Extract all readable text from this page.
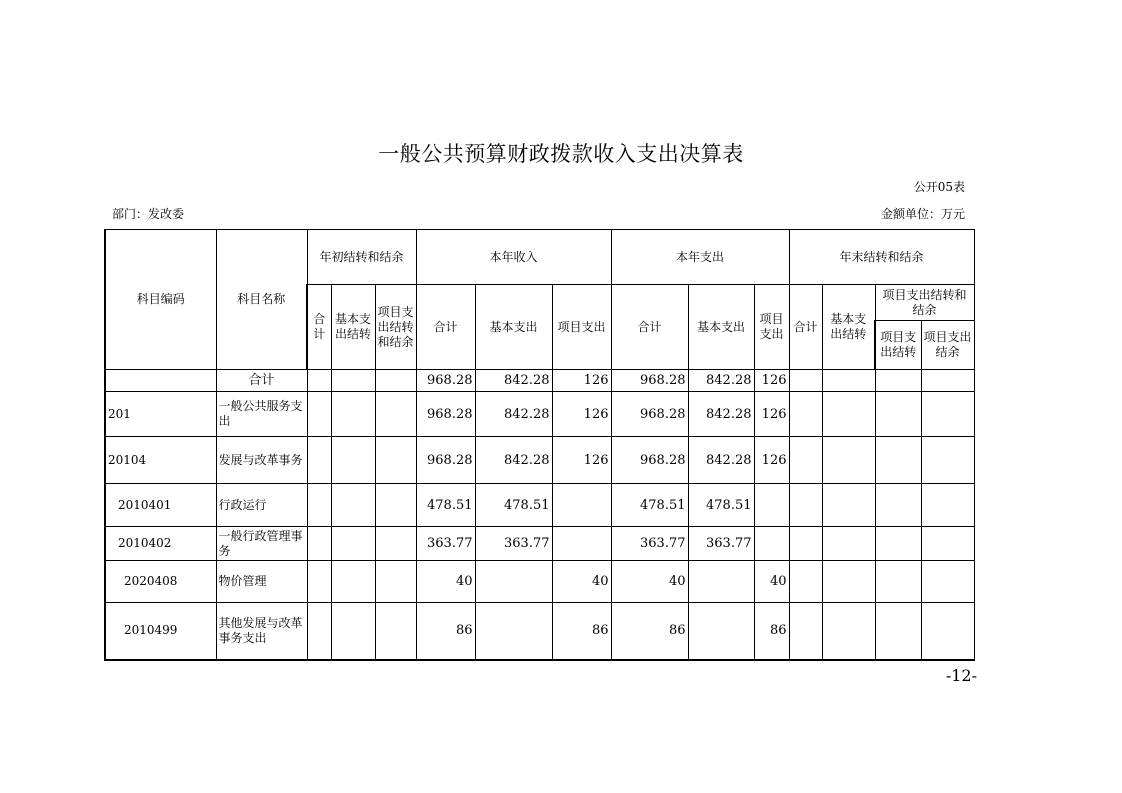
一般公共预算财政拨款收入支出决算表
公开05表
部门：发改委	金额单位：万元
科目编码	科目名称	年初结转和结余			本年收入			本年支出			年末结转和结余			
		合计	基本支出结转	项目支出结转和结余	合计	基本支出	项目支出	合计	基本支出	项目支出	合计	基本支出结转	项目支出结转和结余	
													项目支出结转	项目支出结余
	合计				968.28	842.28	126	968.28	842.28	126				
201	一般公共服务支出				968.28	842.28	126	968.28	842.28	126				
20104	发展与改革事务				968.28	842.28	126	968.28	842.28	126				
2010401	行政运行				478.51	478.51		478.51	478.51					
2010402	一般行政管理事务				363.77	363.77		363.77	363.77					
2020408	物价管理				40		40	40		40				
2010499	其他发展与改革事务支出				86		86	86		86				
-12-
